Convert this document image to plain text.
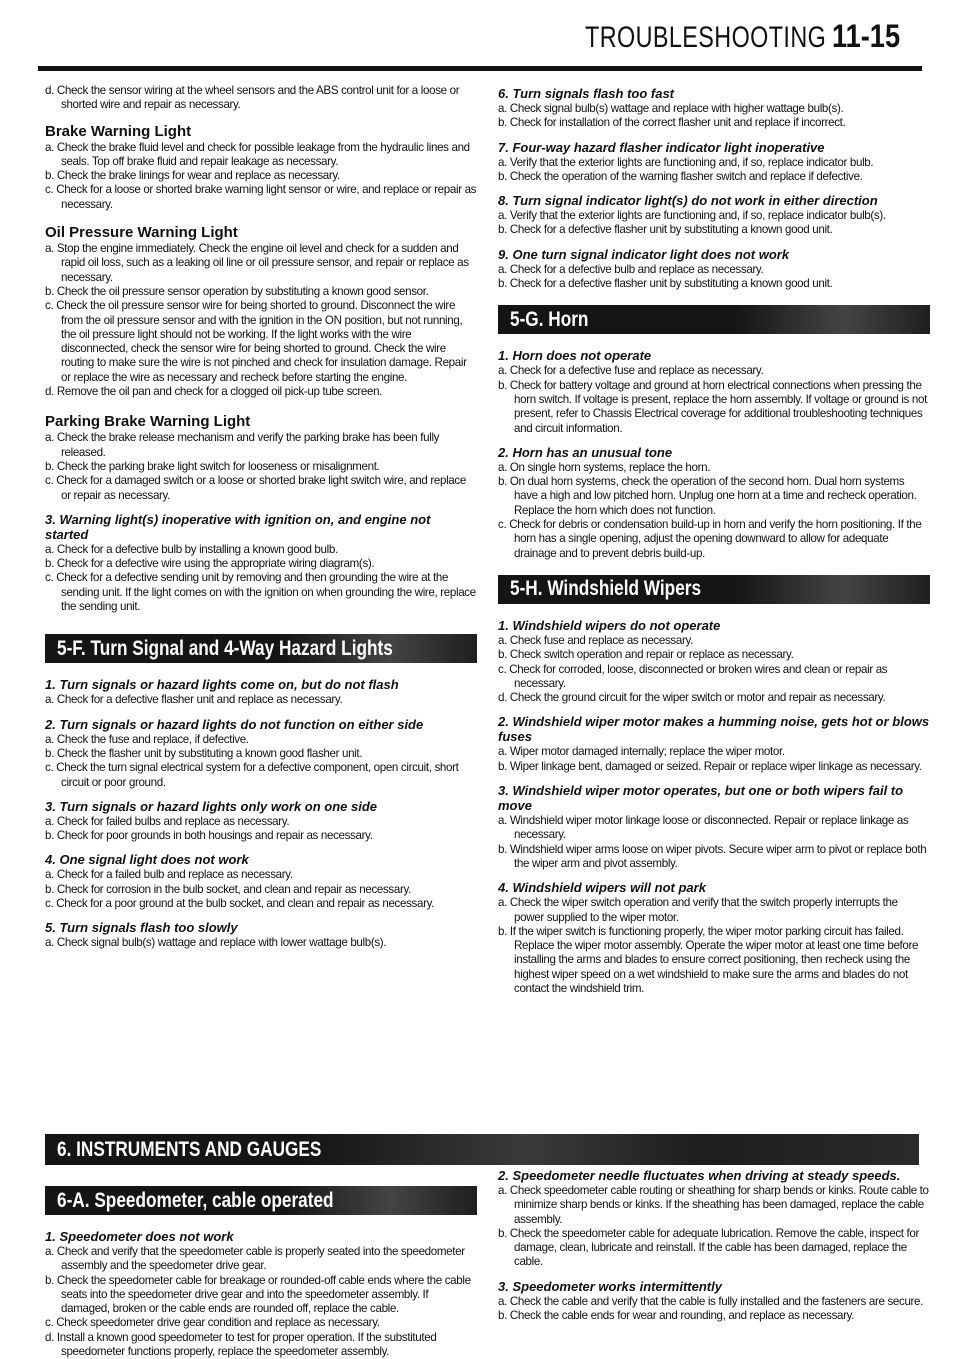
TROUBLESHOOTING 11-15
d. Check the sensor wiring at the wheel sensors and the ABS control unit for a loose or shorted wire and repair as necessary.
Brake Warning Light
a. Check the brake fluid level and check for possible leakage from the hydraulic lines and seals. Top off brake fluid and repair leakage as necessary.
b. Check the brake linings for wear and replace as necessary.
c. Check for a loose or shorted brake warning light sensor or wire, and replace or repair as necessary.
Oil Pressure Warning Light
a. Stop the engine immediately. Check the engine oil level and check for a sudden and rapid oil loss, such as a leaking oil line or oil pressure sensor, and repair or replace as necessary.
b. Check the oil pressure sensor operation by substituting a known good sensor.
c. Check the oil pressure sensor wire for being shorted to ground. Disconnect the wire from the oil pressure sensor and with the ignition in the ON position, but not running, the oil pressure light should not be working. If the light works with the wire disconnected, check the sensor wire for being shorted to ground. Check the wire routing to make sure the wire is not pinched and check for insulation damage. Repair or replace the wire as necessary and recheck before starting the engine.
d. Remove the oil pan and check for a clogged oil pick-up tube screen.
Parking Brake Warning Light
a. Check the brake release mechanism and verify the parking brake has been fully released.
b. Check the parking brake light switch for looseness or misalignment.
c. Check for a damaged switch or a loose or shorted brake light switch wire, and replace or repair as necessary.
3. Warning light(s) inoperative with ignition on, and engine not started
a. Check for a defective bulb by installing a known good bulb.
b. Check for a defective wire using the appropriate wiring diagram(s).
c. Check for a defective sending unit by removing and then grounding the wire at the sending unit. If the light comes on with the ignition on when grounding the wire, replace the sending unit.
5-F. Turn Signal and 4-Way Hazard Lights
1. Turn signals or hazard lights come on, but do not flash
a. Check for a defective flasher unit and replace as necessary.
2. Turn signals or hazard lights do not function on either side
a. Check the fuse and replace, if defective.
b. Check the flasher unit by substituting a known good flasher unit.
c. Check the turn signal electrical system for a defective component, open circuit, short circuit or poor ground.
3. Turn signals or hazard lights only work on one side
a. Check for failed bulbs and replace as necessary.
b. Check for poor grounds in both housings and repair as necessary.
4. One signal light does not work
a. Check for a failed bulb and replace as necessary.
b. Check for corrosion in the bulb socket, and clean and repair as necessary.
c. Check for a poor ground at the bulb socket, and clean and repair as necessary.
5. Turn signals flash too slowly
a. Check signal bulb(s) wattage and replace with lower wattage bulb(s).
6. Turn signals flash too fast
a. Check signal bulb(s) wattage and replace with higher wattage bulb(s).
b. Check for installation of the correct flasher unit and replace if incorrect.
7. Four-way hazard flasher indicator light inoperative
a. Verify that the exterior lights are functioning and, if so, replace indicator bulb.
b. Check the operation of the warning flasher switch and replace if defective.
8. Turn signal indicator light(s) do not work in either direction
a. Verify that the exterior lights are functioning and, if so, replace indicator bulb(s).
b. Check for a defective flasher unit by substituting a known good unit.
9. One turn signal indicator light does not work
a. Check for a defective bulb and replace as necessary.
b. Check for a defective flasher unit by substituting a known good unit.
5-G. Horn
1. Horn does not operate
a. Check for a defective fuse and replace as necessary.
b. Check for battery voltage and ground at horn electrical connections when pressing the horn switch. If voltage is present, replace the horn assembly. If voltage or ground is not present, refer to Chassis Electrical coverage for additional troubleshooting techniques and circuit information.
2. Horn has an unusual tone
a. On single horn systems, replace the horn.
b. On dual horn systems, check the operation of the second horn. Dual horn systems have a high and low pitched horn. Unplug one horn at a time and recheck operation. Replace the horn which does not function.
c. Check for debris or condensation build-up in horn and verify the horn positioning. If the horn has a single opening, adjust the opening downward to allow for adequate drainage and to prevent debris build-up.
5-H. Windshield Wipers
1. Windshield wipers do not operate
a. Check fuse and replace as necessary.
b. Check switch operation and repair or replace as necessary.
c. Check for corroded, loose, disconnected or broken wires and clean or repair as necessary.
d. Check the ground circuit for the wiper switch or motor and repair as necessary.
2. Windshield wiper motor makes a humming noise, gets hot or blows fuses
a. Wiper motor damaged internally; replace the wiper motor.
b. Wiper linkage bent, damaged or seized. Repair or replace wiper linkage as necessary.
3. Windshield wiper motor operates, but one or both wipers fail to move
a. Windshield wiper motor linkage loose or disconnected. Repair or replace linkage as necessary.
b. Windshield wiper arms loose on wiper pivots. Secure wiper arm to pivot or replace both the wiper arm and pivot assembly.
4. Windshield wipers will not park
a. Check the wiper switch operation and verify that the switch properly interrupts the power supplied to the wiper motor.
b. If the wiper switch is functioning properly, the wiper motor parking circuit has failed. Replace the wiper motor assembly. Operate the wiper motor at least one time before installing the arms and blades to ensure correct positioning, then recheck using the highest wiper speed on a wet windshield to make sure the arms and blades do not contact the windshield trim.
6. INSTRUMENTS AND GAUGES
6-A. Speedometer, cable operated
1. Speedometer does not work
a. Check and verify that the speedometer cable is properly seated into the speedometer assembly and the speedometer drive gear.
b. Check the speedometer cable for breakage or rounded-off cable ends where the cable seats into the speedometer drive gear and into the speedometer assembly. If damaged, broken or the cable ends are rounded off, replace the cable.
c. Check speedometer drive gear condition and replace as necessary.
d. Install a known good speedometer to test for proper operation. If the substituted speedometer functions properly, replace the speedometer assembly.
2. Speedometer needle fluctuates when driving at steady speeds.
a. Check speedometer cable routing or sheathing for sharp bends or kinks. Route cable to minimize sharp bends or kinks. If the sheathing has been damaged, replace the cable assembly.
b. Check the speedometer cable for adequate lubrication. Remove the cable, inspect for damage, clean, lubricate and reinstall. If the cable has been damaged, replace the cable.
3. Speedometer works intermittently
a. Check the cable and verify that the cable is fully installed and the fasteners are secure.
b. Check the cable ends for wear and rounding, and replace as necessary.
